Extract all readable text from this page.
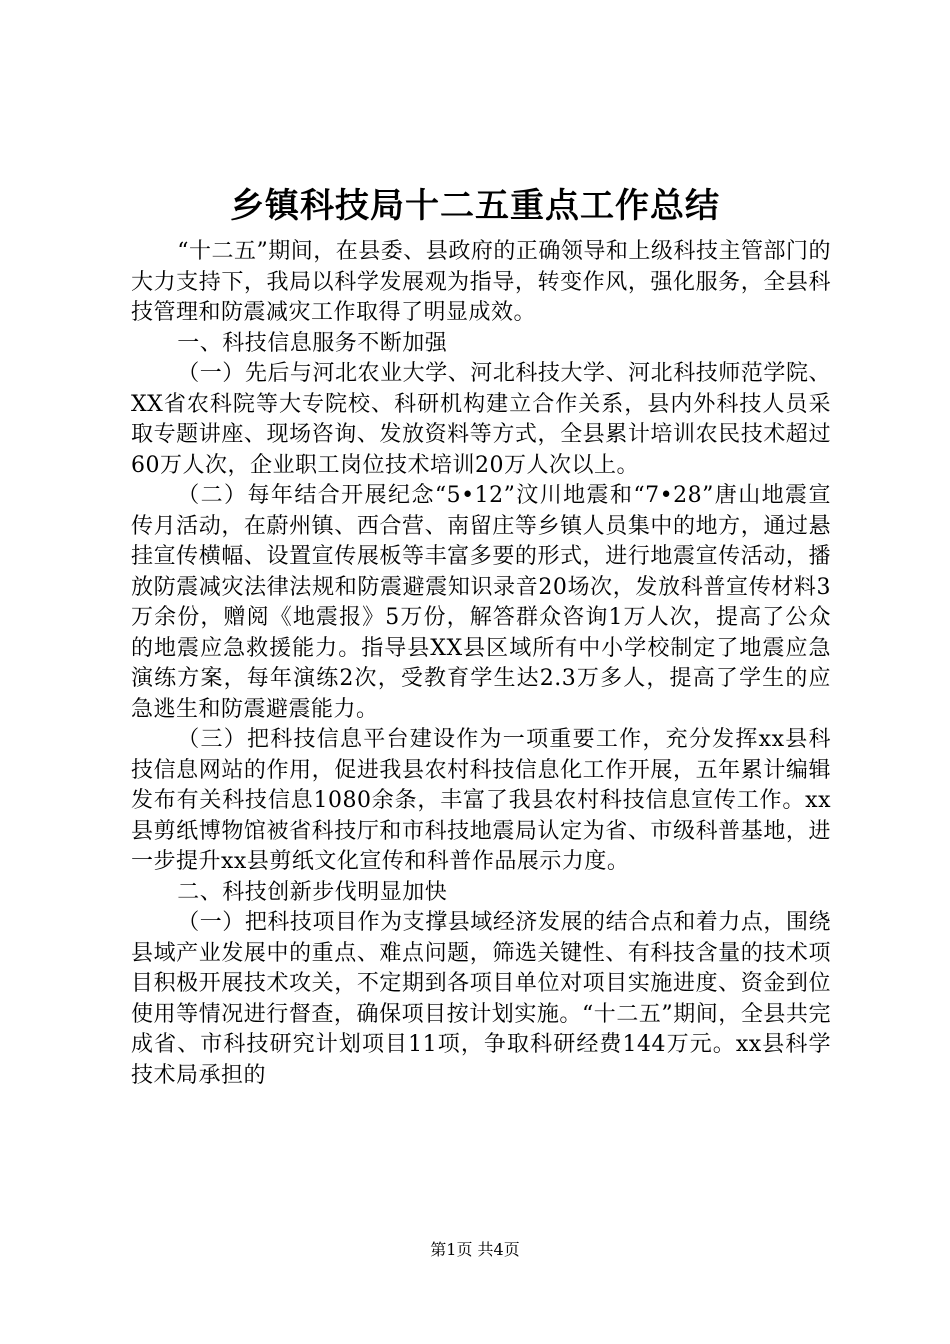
乡镇科技局十二五重点工作总结

“十二五”期间，在县委、县政府的正确领导和上级科技主管部门的大力支持下，我局以科学发展观为指导，转变作风，强化服务，全县科技管理和防震减灾工作取得了明显成效。

一、科技信息服务不断加强

（一）先后与河北农业大学、河北科技大学、河北科技师范学院、XX省农科院等大专院校、科研机构建立合作关系，县内外科技人员采取专题讲座、现场咨询、发放资料等方式，全县累计培训农民技术超过60万人次，企业职工岗位技术培训20万人次以上。

（二）每年结合开展纪念“5•12”汶川地震和“7•28”唐山地震宣传月活动，在蔚州镇、西合营、南留庄等乡镇人员集中的地方，通过悬挂宣传横幅、设置宣传展板等丰富多要的形式，进行地震宣传活动，播放防震减灾法律法规和防震避震知识录音20场次，发放科普宣传材料3万余份，赠阅《地震报》5万份，解答群众咨询1万人次，提高了公众的地震应急救援能力。指导县XX县区域所有中小学校制定了地震应急演练方案，每年演练2次，受教育学生达2.3万多人，提高了学生的应急逃生和防震避震能力。

（三）把科技信息平台建设作为一项重要工作，充分发挥xx县科技信息网站的作用，促进我县农村科技信息化工作开展，五年累计编辑发布有关科技信息1080余条，丰富了我县农村科技信息宣传工作。xx县剪纸博物馆被省科技厅和市科技地震局认定为省、市级科普基地，进一步提升xx县剪纸文化宣传和科普作品展示力度。

二、科技创新步伐明显加快

（一）把科技项目作为支撑县域经济发展的结合点和着力点，围绕县域产业发展中的重点、难点问题，筛选关键性、有科技含量的技术项目积极开展技术攻关，不定期到各项目单位对项目实施进度、资金到位使用等情况进行督查，确保项目按计划实施。“十二五”期间，全县共完成省、市科技研究计划项目11项，争取科研经费144万元。xx县科学技术局承担的

第1页 共4页
